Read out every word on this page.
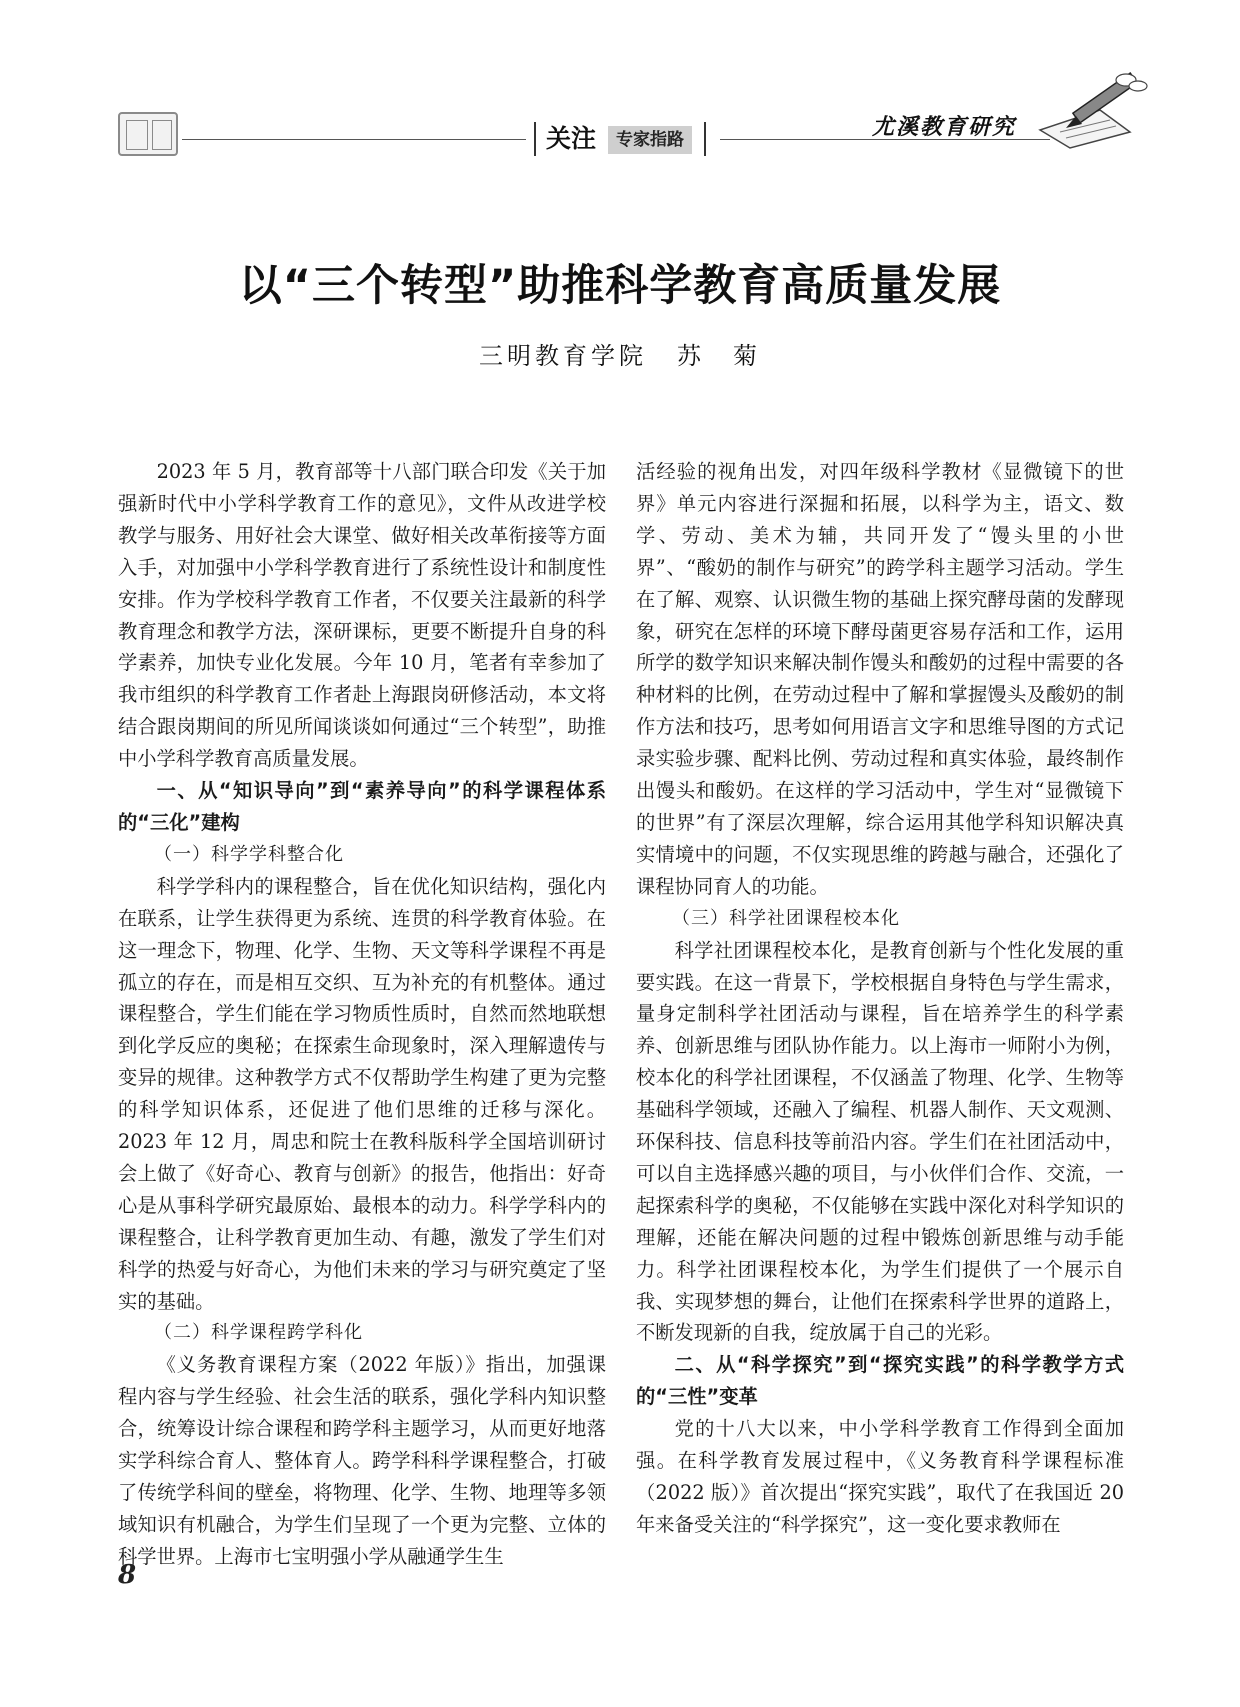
关注	专家指路	尤溪教育研究
以“三个转型”助推科学教育高质量发展
三明教育学院 苏　菊

2023 年 5 月，教育部等十八部门联合印发《关于加强新时代中小学科学教育工作的意见》，文件从改进学校教学与服务、用好社会大课堂、做好相关改革衔接等方面入手，对加强中小学科学教育进行了系统性设计和制度性安排。作为学校科学教育工作者，不仅要关注最新的科学教育理念和教学方法，深研课标，更要不断提升自身的科学素养，加快专业化发展。今年 10 月，笔者有幸参加了我市组织的科学教育工作者赴上海跟岗研修活动，本文将结合跟岗期间的所见所闻谈谈如何通过“三个转型”，助推中小学科学教育高质量发展。

一、从“知识导向”到“素养导向”的科学课程体系的“三化”建构

（一）科学学科整合化

科学学科内的课程整合，旨在优化知识结构，强化内在联系，让学生获得更为系统、连贯的科学教育体验。在这一理念下，物理、化学、生物、天文等科学课程不再是孤立的存在，而是相互交织、互为补充的有机整体。通过课程整合，学生们能在学习物质性质时，自然而然地联想到化学反应的奥秘；在探索生命现象时，深入理解遗传与变异的规律。这种教学方式不仅帮助学生构建了更为完整的科学知识体系，还促进了他们思维的迁移与深化。2023 年 12 月，周忠和院士在教科版科学全国培训研讨会上做了《好奇心、教育与创新》的报告，他指出：好奇心是从事科学研究最原始、最根本的动力。科学学科内的课程整合，让科学教育更加生动、有趣，激发了学生们对科学的热爱与好奇心，为他们未来的学习与研究奠定了坚实的基础。

（二）科学课程跨学科化

《义务教育课程方案（2022 年版）》指出，加强课程内容与学生经验、社会生活的联系，强化学科内知识整合，统筹设计综合课程和跨学科主题学习，从而更好地落实学科综合育人、整体育人。跨学科科学课程整合，打破了传统学科间的壁垒，将物理、化学、生物、地理等多领域知识有机融合，为学生们呈现了一个更为完整、立体的科学世界。上海市七宝明强小学从融通学生生

活经验的视角出发，对四年级科学教材《显微镜下的世界》单元内容进行深掘和拓展，以科学为主，语文、数学、劳动、美术为辅，共同开发了“馒头里的小世界”、“酸奶的制作与研究”的跨学科主题学习活动。学生在了解、观察、认识微生物的基础上探究酵母菌的发酵现象，研究在怎样的环境下酵母菌更容易存活和工作，运用所学的数学知识来解决制作馒头和酸奶的过程中需要的各种材料的比例，在劳动过程中了解和掌握馒头及酸奶的制作方法和技巧，思考如何用语言文字和思维导图的方式记录实验步骤、配料比例、劳动过程和真实体验，最终制作出馒头和酸奶。在这样的学习活动中，学生对“显微镜下的世界”有了深层次理解，综合运用其他学科知识解决真实情境中的问题，不仅实现思维的跨越与融合，还强化了课程协同育人的功能。

（三）科学社团课程校本化

科学社团课程校本化，是教育创新与个性化发展的重要实践。在这一背景下，学校根据自身特色与学生需求，量身定制科学社团活动与课程，旨在培养学生的科学素养、创新思维与团队协作能力。以上海市一师附小为例，校本化的科学社团课程，不仅涵盖了物理、化学、生物等基础科学领域，还融入了编程、机器人制作、天文观测、环保科技、信息科技等前沿内容。学生们在社团活动中，可以自主选择感兴趣的项目，与小伙伴们合作、交流，一起探索科学的奥秘，不仅能够在实践中深化对科学知识的理解，还能在解决问题的过程中锻炼创新思维与动手能力。科学社团课程校本化，为学生们提供了一个展示自我、实现梦想的舞台，让他们在探索科学世界的道路上，不断发现新的自我，绽放属于自己的光彩。

二、从“科学探究”到“探究实践”的科学教学方式的“三性”变革

党的十八大以来，中小学科学教育工作得到全面加强。在科学教育发展过程中，《义务教育科学课程标准（2022 版）》首次提出“探究实践”，取代了在我国近 20 年来备受关注的“科学探究”，这一变化要求教师在

8
